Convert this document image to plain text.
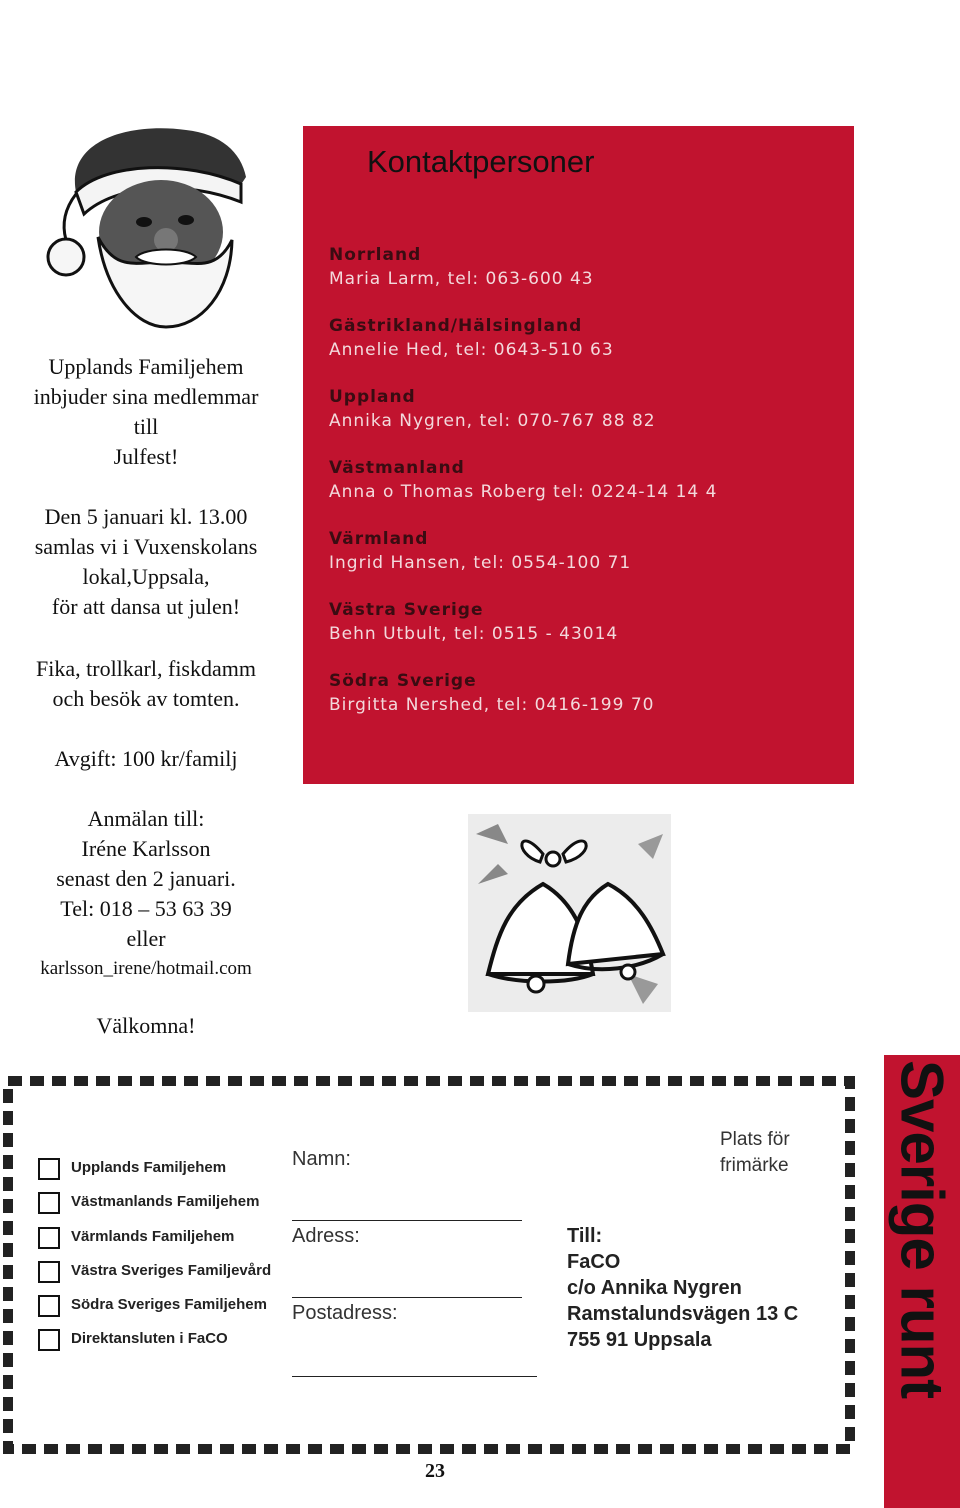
Sverige runt
Upplands Familjehem
inbjuder sina medlemmar
till
Julfest!
Den 5 januari kl. 13.00
samlas vi i Vuxenskolans
lokal,Uppsala,
för att dansa ut julen!
Fika, trollkarl, fiskdamm
och besök av tomten.
Avgift: 100 kr/familj
Anmälan till:
Iréne Karlsson
senast den 2 januari.
Tel: 018 – 53 63 39
eller
karlsson_irene/hotmail.com
Välkomna!
Kontaktpersoner
Norrland
Maria Larm, tel: 063-600 43
Gästrikland/Hälsingland
Annelie Hed, tel: 0643-510 63
Uppland
Annika Nygren, tel: 070-767 88 82
Västmanland
Anna o Thomas Roberg tel: 0224-14 14 4
Värmland
Ingrid Hansen, tel: 0554-100 71
Västra Sverige
Behn Utbult, tel: 0515 - 43014
Södra Sverige
Birgitta Nershed, tel: 0416-199 70
Upplands Familjehem
Västmanlands Familjehem
Värmlands Familjehem
Västra Sveriges Familjevård
Södra Sveriges Familjehem
Direktansluten i FaCO
Namn:
Adress:
Postadress:
Plats för
frimärke
Till:
FaCO
c/o Annika Nygren
Ramstalundsvägen 13 C
755 91 Uppsala
23
